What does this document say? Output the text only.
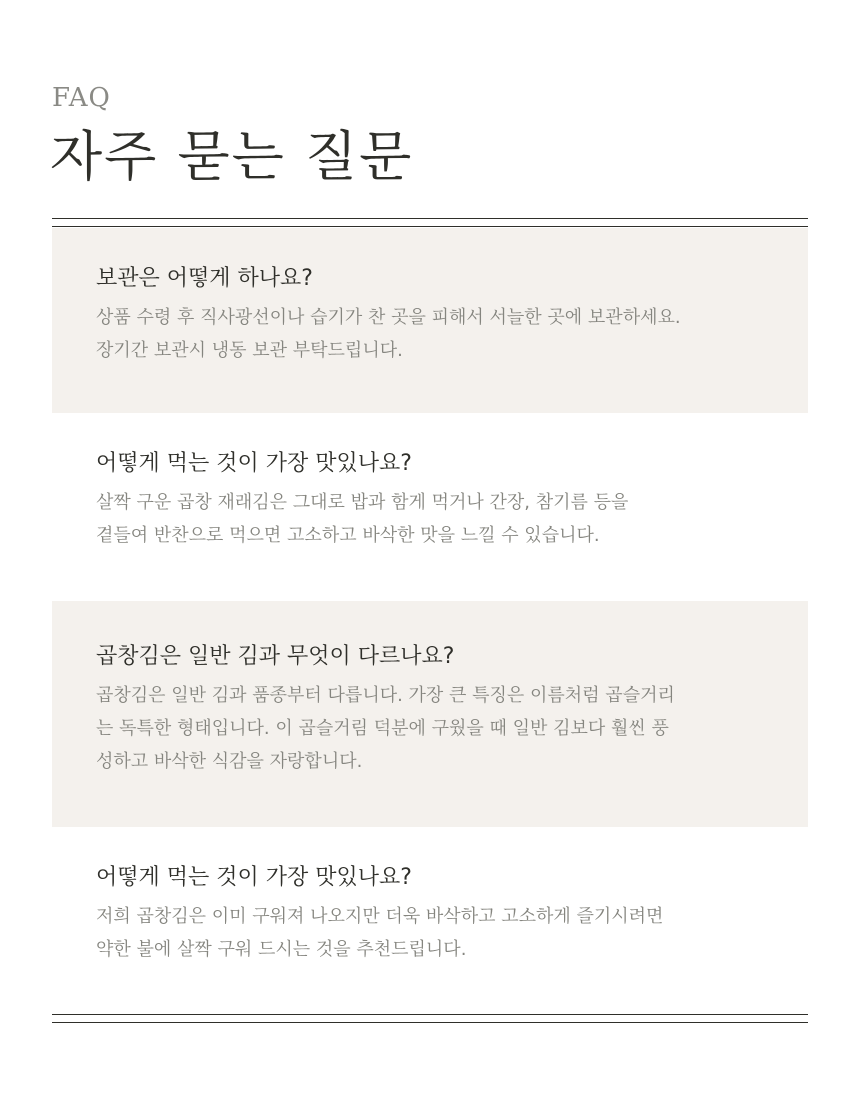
FAQ
자주 묻는 질문

보관은 어떻게 하나요?

상품 수령 후 직사광선이나 습기가 찬 곳을 피해서 서늘한 곳에 보관하세요.
장기간 보관시 냉동 보관 부탁드립니다.

어떻게 먹는 것이 가장 맛있나요?

살짝 구운 곱창 재래김은 그대로 밥과 함게 먹거나 간장, 참기름 등을
곁들여 반찬으로 먹으면 고소하고 바삭한 맛을 느낄 수 있습니다.

곱창김은 일반 김과 무엇이 다르나요?

곱창김은 일반 김과 품종부터 다릅니다. 가장 큰 특징은 이름처럼 곱슬거리
는 독특한 형태입니다. 이 곱슬거림 덕분에 구웠을 때 일반 김보다 훨씬 풍
성하고 바삭한 식감을 자랑합니다.

어떻게 먹는 것이 가장 맛있나요?

저희 곱창김은 이미 구워져 나오지만 더욱 바삭하고 고소하게 즐기시려면
약한 불에 살짝 구워 드시는 것을 추천드립니다.
